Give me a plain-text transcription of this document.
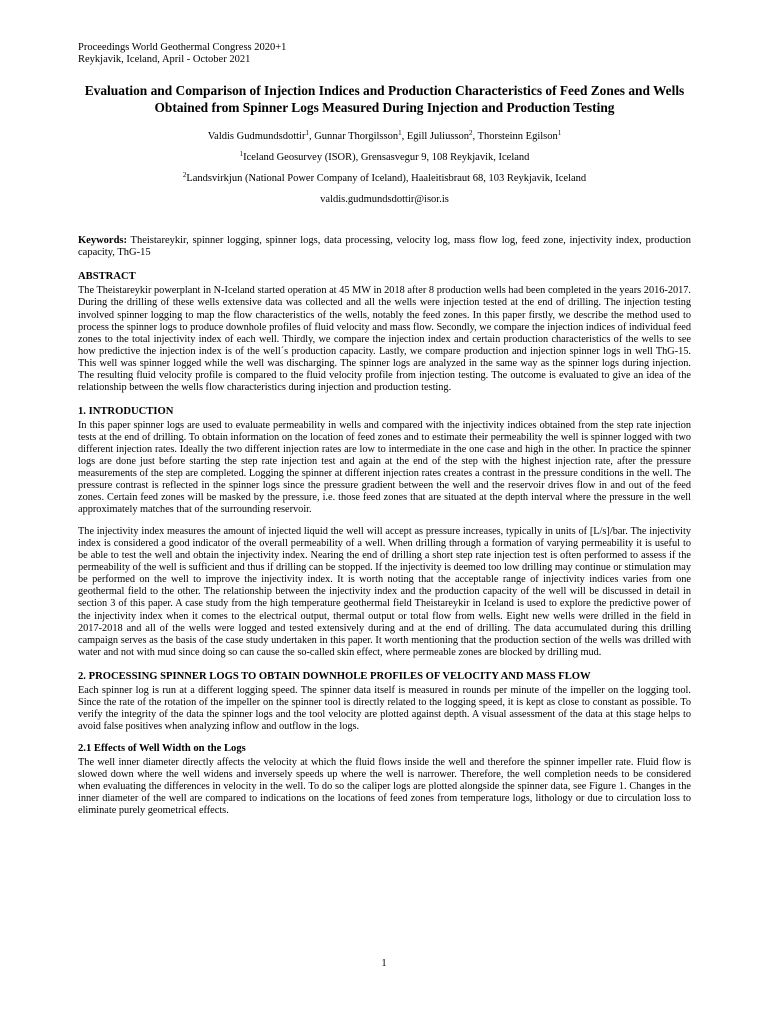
Proceedings World Geothermal Congress 2020+1
Reykjavik, Iceland, April - October 2021
Evaluation and Comparison of Injection Indices and Production Characteristics of Feed Zones and Wells Obtained from Spinner Logs Measured During Injection and Production Testing
Valdis Gudmundsdottir$^1$, Gunnar Thorgilsson$^1$, Egill Juliusson$^2$, Thorsteinn Egilson$^1$
$^1$Iceland Geosurvey (ISOR), Grensasvegur 9, 108 Reykjavik, Iceland
$^2$Landsvirkjun (National Power Company of Iceland), Haaleitisbraut 68, 103 Reykjavik, Iceland
valdis.gudmundsdottir@isor.is
Keywords: Theistareykir, spinner logging, spinner logs, data processing, velocity log, mass flow log, feed zone, injectivity index, production capacity, ThG-15
ABSTRACT

The Theistareykir powerplant in N-Iceland started operation at 45 MW in 2018 after 8 production wells had been completed in the years 2016-2017. During the drilling of these wells extensive data was collected and all the wells were injection tested at the end of drilling. The injection testing involved spinner logging to map the flow characteristics of the wells, notably the feed zones. In this paper firstly, we describe the method used to process the spinner logs to produce downhole profiles of fluid velocity and mass flow. Secondly, we compare the injection indices of individual feed zones to the total injectivity index of each well. Thirdly, we compare the injection index and certain production characteristics of the wells to see how predictive the injection index is of the well´s production capacity. Lastly, we compare production and injection spinner logs in well ThG-15. This well was spinner logged while the well was discharging. The spinner logs are analyzed in the same way as the spinner logs during injection. The resulting fluid velocity profile is compared to the fluid velocity profile from injection testing. The outcome is evaluated to give an idea of the relationship between the wells flow characteristics during injection and production testing.

1. INTRODUCTION

In this paper spinner logs are used to evaluate permeability in wells and compared with the injectivity indices obtained from the step rate injection tests at the end of drilling. To obtain information on the location of feed zones and to estimate their permeability the well is spinner logged with two different injection rates. Ideally the two different injection rates are low to intermediate in the one case and high in the other. In practice the spinner logs are done just before starting the step rate injection test and again at the end of the step with the highest injection rate, after the pressure measurements of the step are completed. Logging the spinner at different injection rates creates a contrast in the pressure conditions in the well. The pressure contrast is reflected in the spinner logs since the pressure gradient between the well and the reservoir drives flow in and out of the feed zones. Certain feed zones will be masked by the pressure, i.e. those feed zones that are situated at the depth interval where the pressure in the well approximately matches that of the surrounding reservoir.

The injectivity index measures the amount of injected liquid the well will accept as pressure increases, typically in units of [L/s]/bar. The injectivity index is considered a good indicator of the overall permeability of a well. When drilling through a formation of varying permeability it is useful to be able to test the well and obtain the injectivity index. Nearing the end of drilling a short step rate injection test is often performed to assess if the permeability of the well is sufficient and thus if drilling can be stopped. If the injectivity is deemed too low drilling may continue or stimulation may be performed on the well to improve the injectivity index. It is worth noting that the acceptable range of injectivity indices varies from one geothermal field to the other. The relationship between the injectivity index and the production capacity of the well will be discussed in detail in section 3 of this paper. A case study from the high temperature geothermal field Theistareykir in Iceland is used to explore the predictive power of the injectivity index when it comes to the electrical output, thermal output or total flow from wells. Eight new wells were drilled in the field in 2017-2018 and all of the wells were logged and tested extensively during and at the end of drilling. The data accumulated during this drilling campaign serves as the basis of the case study undertaken in this paper. It worth mentioning that the production section of the wells was drilled with water and not with mud since doing so can cause the so-called skin effect, where permeable zones are blocked by drilling mud.

2. PROCESSING SPINNER LOGS TO OBTAIN DOWNHOLE PROFILES OF VELOCITY AND MASS FLOW

Each spinner log is run at a different logging speed. The spinner data itself is measured in rounds per minute of the impeller on the logging tool. Since the rate of the rotation of the impeller on the spinner tool is directly related to the logging speed, it is kept as close to constant as possible. To verify the integrity of the data the spinner logs and the tool velocity are plotted against depth. A visual assessment of the data at this stage helps to avoid false positives when analyzing inflow and outflow in the logs.

2.1 Effects of Well Width on the Logs

The well inner diameter directly affects the velocity at which the fluid flows inside the well and therefore the spinner impeller rate. Fluid flow is slowed down where the well widens and inversely speeds up where the well is narrower. Therefore, the well completion needs to be considered when evaluating the differences in velocity in the well. To do so the caliper logs are plotted alongside the spinner data, see Figure 1. Changes in the inner diameter of the well are compared to indications on the locations of feed zones from temperature logs, lithology or due to circulation loss to eliminate purely geometrical effects.

1
